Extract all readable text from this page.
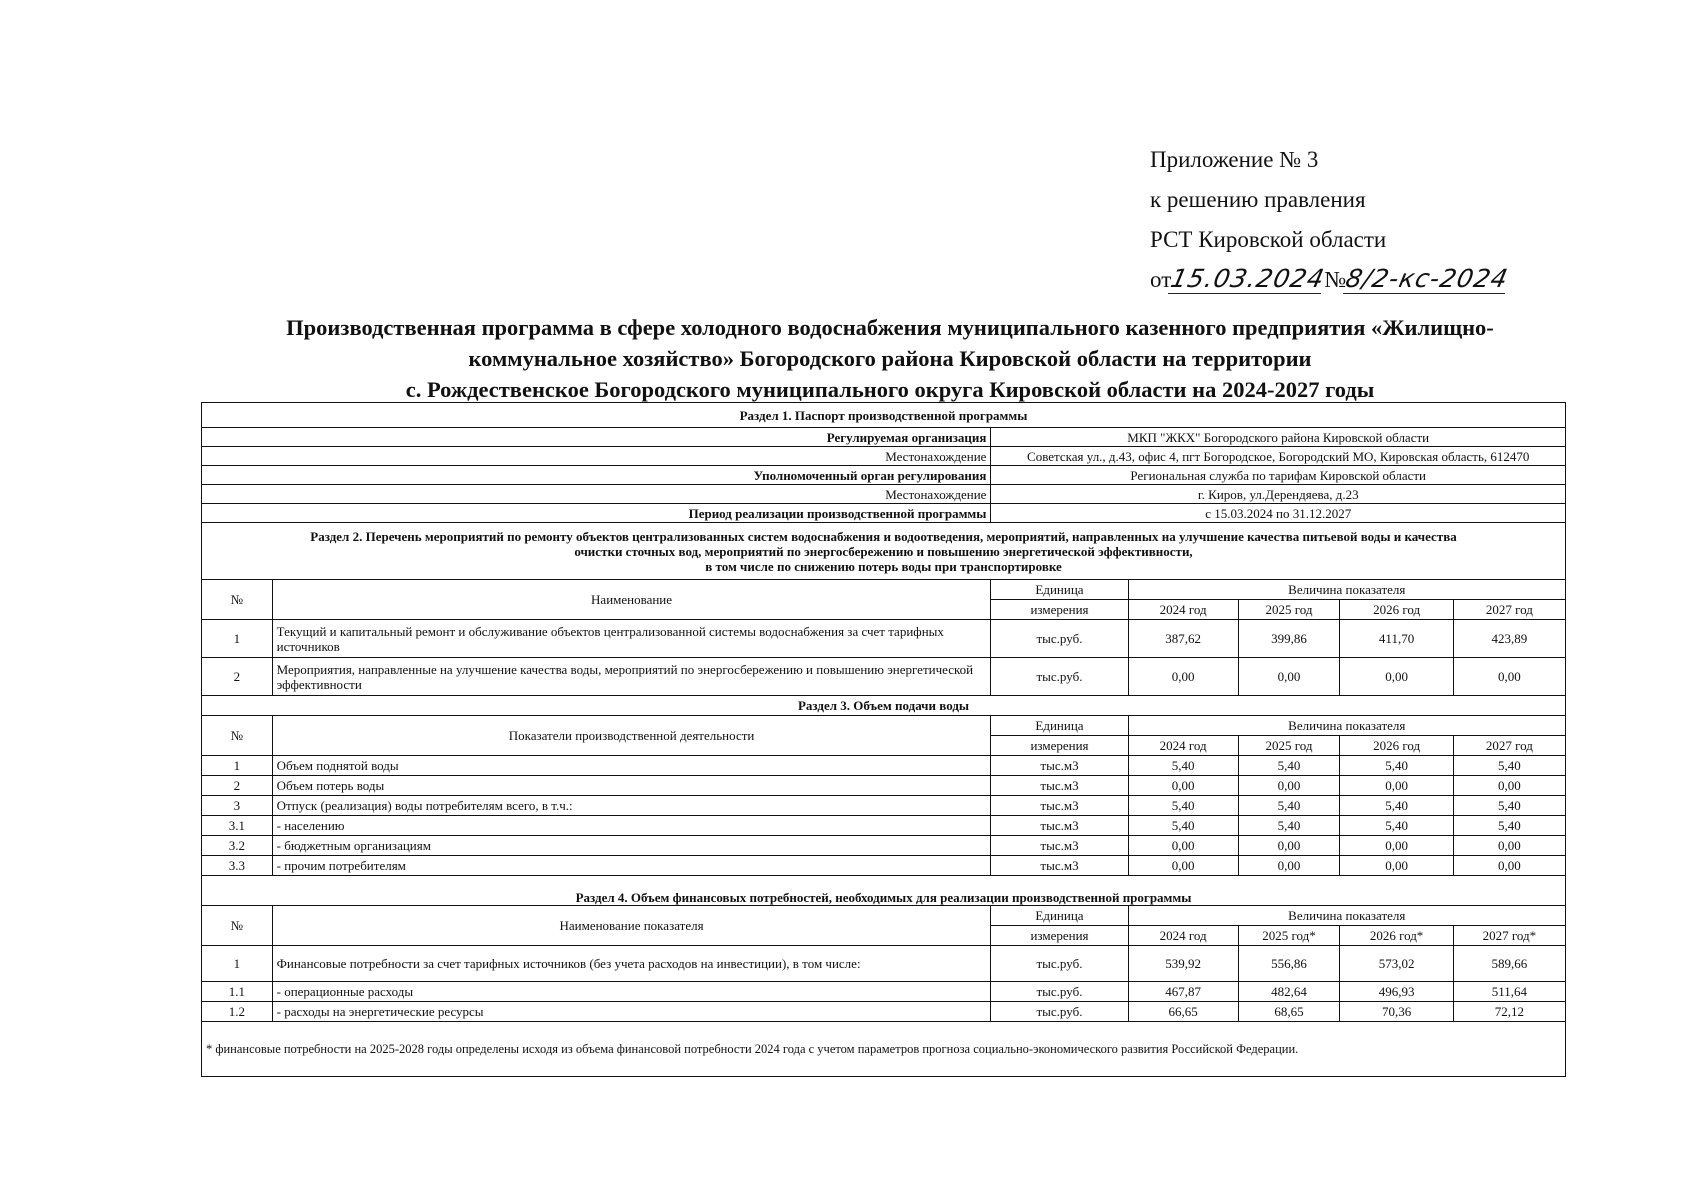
Приложение № 3
к решению правления
РСТ Кировской области
от
15.03.2024
№
8/2-кс-2024
Производственная программа в сфере холодного водоснабжения муниципального казенного предприятия «Жилищно-
коммунальное хозяйство» Богородского района Кировской области на территории
с. Рождественское Богородского муниципального округа Кировской области на 2024-2027 годы
Раздел 1. Паспорт производственной программы						
Регулируемая организация		МКП "ЖКХ" Богородского района Кировской области				
Местонахождение		Советская ул., д.43, офис 4, пгт Богородское, Богородский МО, Кировская область, 612470				
Уполномоченный орган регулирования		Региональная служба по тарифам Кировской области				
Местонахождение		г. Киров, ул.Дерендяева, д.23				
Период реализации производственной программы		с 15.03.2024 по 31.12.2027				

Раздел 2. Перечень мероприятий по ремонту объектов централизованных систем водоснабжения и водоотведения, мероприятий, направленных на улучшение качества питьевой воды и качества
очистки сточных вод, мероприятий по энергосбережению и повышению энергетической эффективности,
в том числе по снижению потерь воды при транспортировке						

№	Наименование	Единица	Величина показателя			
		измерения	2024 год	2025 год	2026 год	2027 год
1	Текущий и капитальный ремонт и обслуживание объектов централизованной системы водоснабжения за счет тарифных источников	тыс.руб.	387,62	399,86	411,70	423,89
2	Мероприятия, направленные на улучшение качества воды, мероприятий по энергосбережению и повышению энергетической эффективности	тыс.руб.	0,00	0,00	0,00	0,00
Раздел 3. Объем подачи воды						
№	Показатели производственной деятельности	Единица	Величина показателя			
		измерения	2024 год	2025 год	2026 год	2027 год
1	Объем поднятой воды	тыс.м3	5,40	5,40	5,40	5,40
2	Объем потерь воды	тыс.м3	0,00	0,00	0,00	0,00
3	Отпуск (реализация) воды потребителям всего, в т.ч.:	тыс.м3	5,40	5,40	5,40	5,40
3.1	- населению	тыс.м3	5,40	5,40	5,40	5,40
3.2	- бюджетным организациям	тыс.м3	0,00	0,00	0,00	0,00
3.3	- прочим потребителям	тыс.м3	0,00	0,00	0,00	0,00
Раздел 4. Объем финансовых потребностей, необходимых для реализации производственной программы						
№	Наименование показателя	Единица	Величина показателя			
		измерения	2024 год	2025 год*	2026 год*	2027 год*
1	Финансовые потребности за счет тарифных источников (без учета расходов на инвестиции), в том числе:	тыс.руб.	539,92	556,86	573,02	589,66
1.1	- операционные расходы	тыс.руб.	467,87	482,64	496,93	511,64
1.2	- расходы на энергетические ресурсы	тыс.руб.	66,65	68,65	70,36	72,12
* финансовые потребности на 2025-2028 годы определены исходя из объема финансовой потребности 2024 года с учетом параметров прогноза социально-экономического развития Российской Федерации.						
